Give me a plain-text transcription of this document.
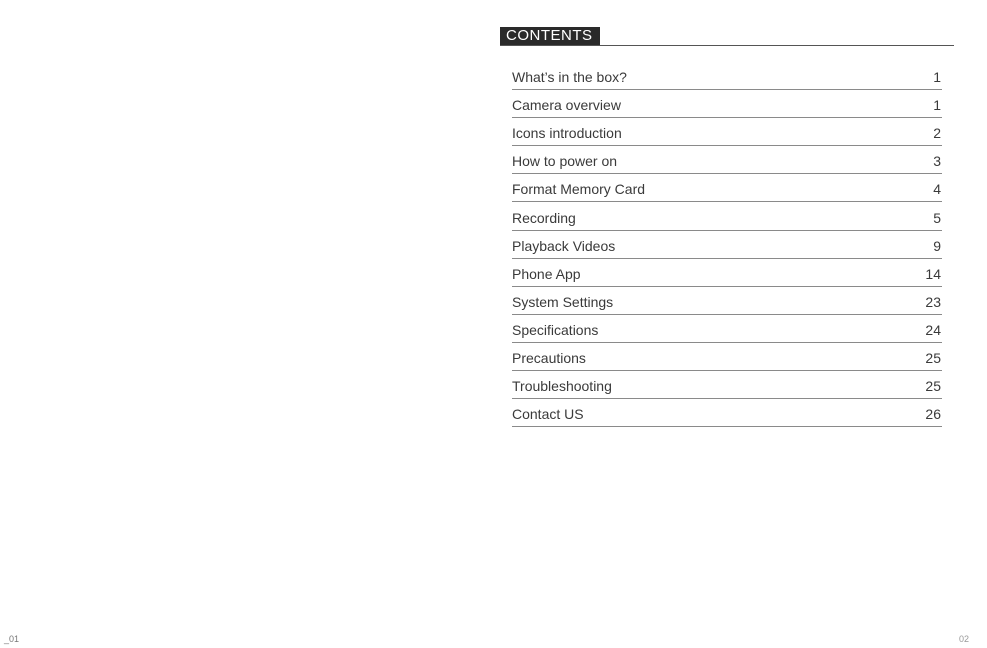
CONTENTS
What’s in the box?	1
Camera overview	1
Icons introduction	2
How to power on	3
Format Memory Card	4
Recording	5
Playback Videos	9
Phone App	14
System Settings	23
Specifications	24
Precautions	25
Troubleshooting	25
Contact US	26
_01	02
